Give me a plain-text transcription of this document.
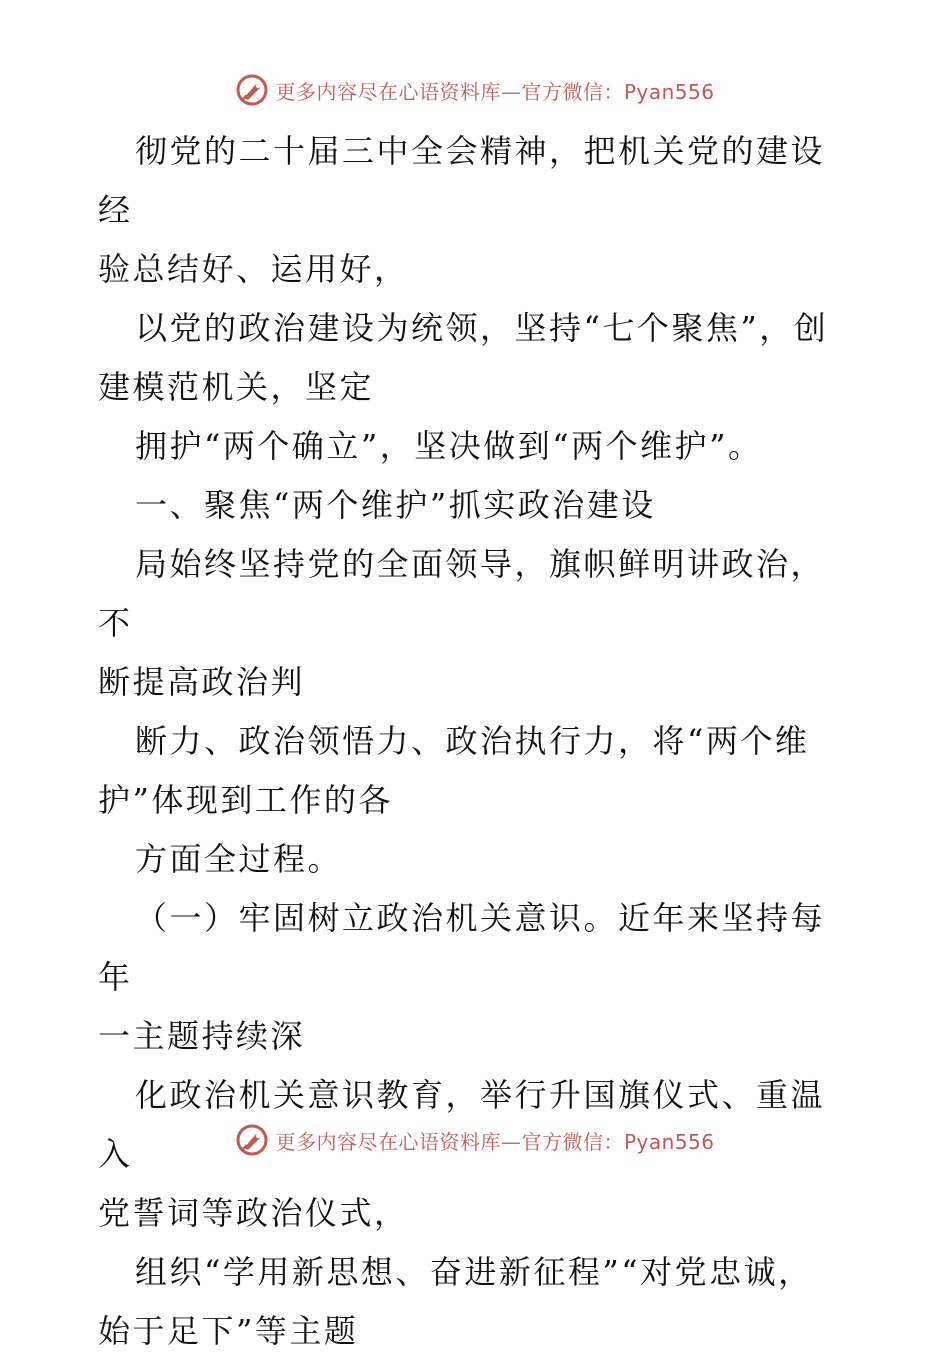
更多内容尽在心语资料库—官方微信：Pyan556

彻党的二十届三中全会精神，把机关党的建设经
验总结好、运用好，

以党的政治建设为统领，坚持“七个聚焦”，创
建模范机关，坚定

拥护“两个确立”，坚决做到“两个维护”。

一、聚焦“两个维护”抓实政治建设

局始终坚持党的全面领导，旗帜鲜明讲政治，不
断提高政治判

断力、政治领悟力、政治执行力，将“两个维
护”体现到工作的各

方面全过程。

（一）牢固树立政治机关意识。近年来坚持每年
一主题持续深

化政治机关意识教育，举行升国旗仪式、重温入
党誓词等政治仪式，

组织“学用新思想、奋进新征程”“对党忠诚，
始于足下”等主题

更多内容尽在心语资料库—官方微信：Pyan556
